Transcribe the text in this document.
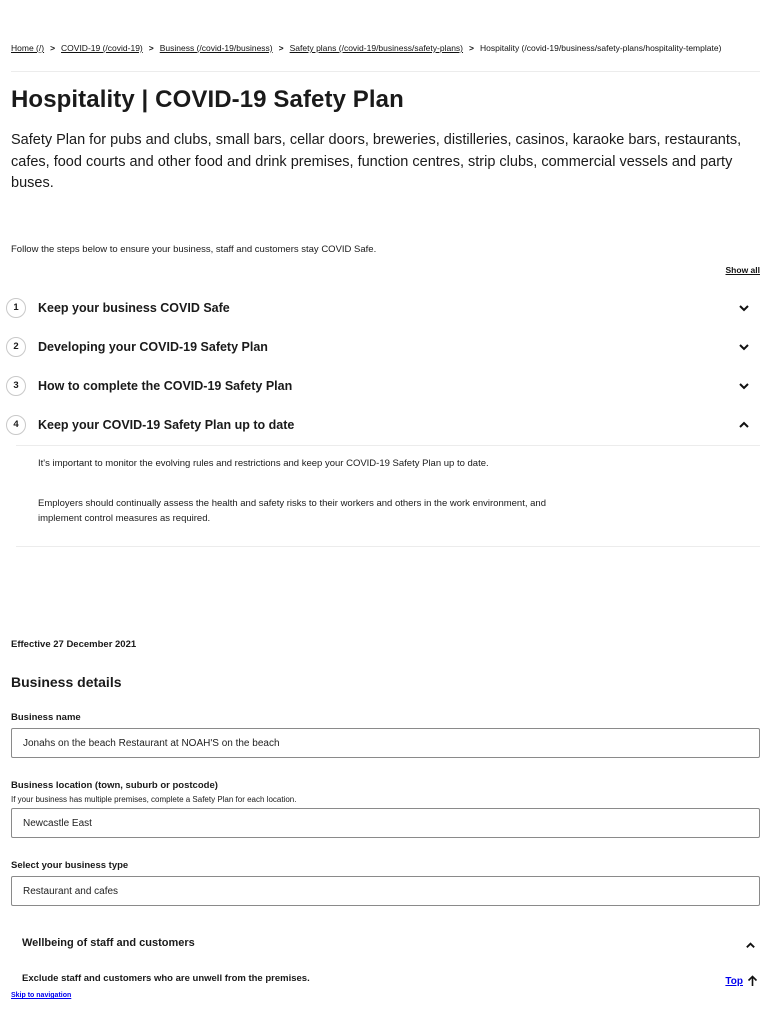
Home (/) > COVID-19 (/covid-19) > Business (/covid-19/business) > Safety plans (/covid-19/business/safety-plans) > Hospitality (/covid-19/business/safety-plans/hospitality-template)
Hospitality | COVID-19 Safety Plan

Safety Plan for pubs and clubs, small bars, cellar doors, breweries, distilleries, casinos, karaoke bars, restaurants, cafes, food courts and other food and drink premises, function centres, strip clubs, commercial vessels and party buses.

Follow the steps below to ensure your business, staff and customers stay COVID Safe.

Show all
1	Keep your business COVID Safe
2	Developing your COVID-19 Safety Plan
3	How to complete the COVID-19 Safety Plan
4	Keep your COVID-19 Safety Plan up to date

It's important to monitor the evolving rules and restrictions and keep your COVID-19 Safety Plan up to date.

Employers should continually assess the health and safety risks to their workers and others in the work environment, and implement control measures as required.

Effective 27 December 2021

Business details
Business name
Jonahs on the beach Restaurant at NOAH'S on the beach
Business location (town, suburb or postcode)

If your business has multiple premises, complete a Safety Plan for each location.

Newcastle East
Select your business type
Restaurant and cafes
Wellbeing of staff and customers

Exclude staff and customers who are unwell from the premises.	Top
Skip to navigation
